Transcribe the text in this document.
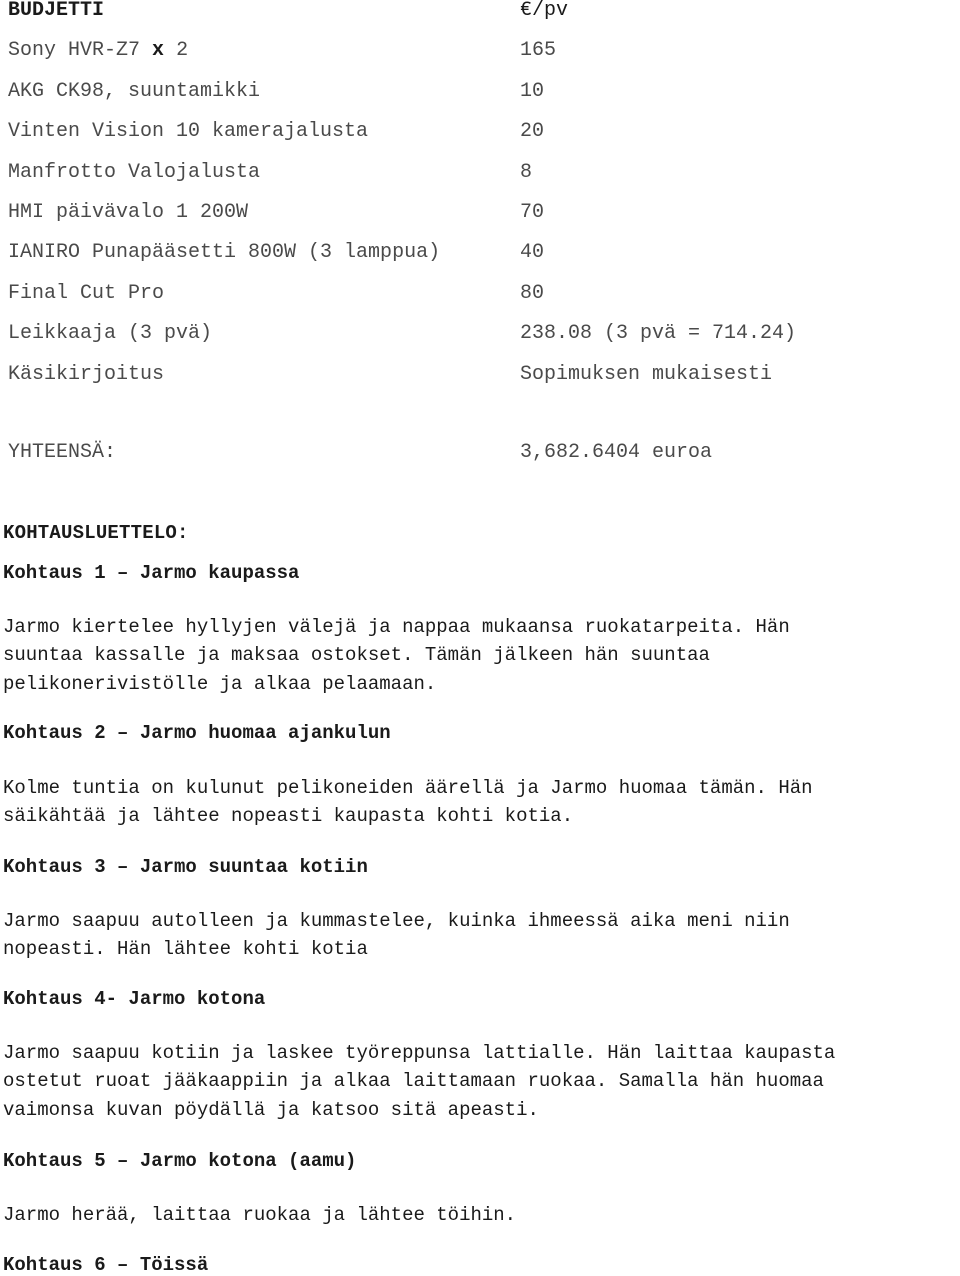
BUDJETTI	€/pv
Sony HVR-Z7 x 2	165
AKG CK98, suuntamikki	10
Vinten Vision 10 kamerajalusta	20
Manfrotto Valojalusta	8
HMI päivävalo 1 200W	70
IANIRO Punapääsetti 800W (3 lamppua)	40
Final Cut Pro	80
Leikkaaja (3 pvä)	238.08 (3 pvä = 714.24)
Käsikirjoitus	Sopimuksen mukaisesti
YHTEENSÄ:	3,682.6404 euroa
KOHTAUSLUETTELO:
Kohtaus 1 – Jarmo kaupassa

Jarmo kiertelee hyllyjen välejä ja nappaa mukaansa ruokatarpeita. Hän
suuntaa kassalle ja maksaa ostokset. Tämän jälkeen hän suuntaa
pelikonerivistölle ja alkaa pelaamaan.

Kohtaus 2 – Jarmo huomaa ajankulun

Kolme tuntia on kulunut pelikoneiden äärellä ja Jarmo huomaa tämän. Hän
säikähtää ja lähtee nopeasti kaupasta kohti kotia.

Kohtaus 3 – Jarmo suuntaa kotiin

Jarmo saapuu autolleen ja kummastelee, kuinka ihmeessä aika meni niin
nopeasti. Hän lähtee kohti kotia

Kohtaus 4- Jarmo kotona

Jarmo saapuu kotiin ja laskee työreppunsa lattialle. Hän laittaa kaupasta
ostetut ruoat jääkaappiin ja alkaa laittamaan ruokaa. Samalla hän huomaa
vaimonsa kuvan pöydällä ja katsoo sitä apeasti.

Kohtaus 5 – Jarmo kotona (aamu)

Jarmo herää, laittaa ruokaa ja lähtee töihin.

Kohtaus 6 – Töissä
